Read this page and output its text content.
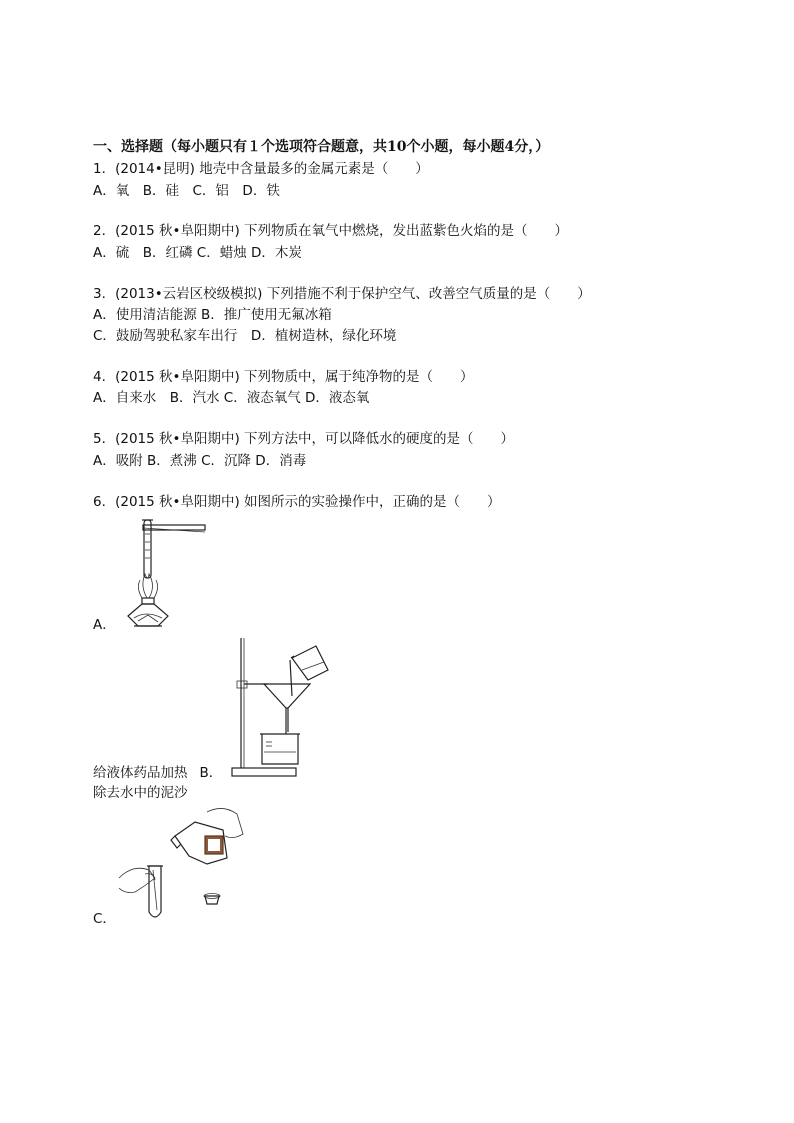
一、选择题（每小题只有１个选项符合题意，共10个小题，每小题4分，）
1．(2014•昆明) 地壳中含量最多的金属元素是（　　）
A．氧　B．硅　C．铝　D．铁
2．(2015 秋•阜阳期中) 下列物质在氧气中燃烧，发出蓝紫色火焰的是（　　）
A．硫　B．红磷 C．蜡烛 D．木炭
3．(2013•云岩区校级模拟) 下列措施不利于保护空气、改善空气质量的是（　　）
A．使用清洁能源 B．推广使用无氟冰箱
C．鼓励驾驶私家车出行　D．植树造林，绿化环境
4．(2015 秋•阜阳期中) 下列物质中，属于纯净物的是（　　）
A．自来水　B．汽水 C．液态氧气 D．液态氧
5．(2015 秋•阜阳期中) 下列方法中，可以降低水的硬度的是（　　）
A．吸附 B．煮沸 C．沉降 D．消毒
6．(2015 秋•阜阳期中) 如图所示的实验操作中，正确的是（　　）
A．
给液体药品加热 B．
除去水中的泥沙
C．
